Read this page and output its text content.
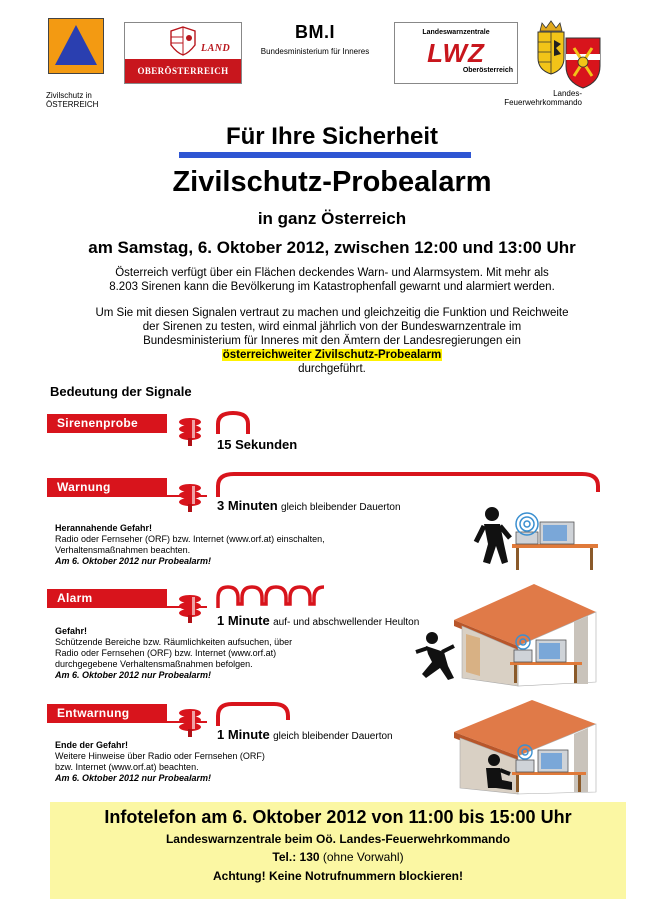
Zivilschutz in
ÖSTERREICH
LAND
OBERÖSTERREICH
BM.I
Bundesministerium für Inneres
Landeswarnzentrale
LWZ
Oberösterreich
Landes-
Feuerwehrkommando
Für Ihre Sicherheit
Zivilschutz-Probealarm
in ganz Österreich
am Samstag, 6. Oktober 2012, zwischen 12:00 und 13:00 Uhr
Österreich verfügt über ein Flächen deckendes Warn- und Alarmsystem. Mit mehr als
8.203 Sirenen kann die Bevölkerung im Katastrophenfall gewarnt und alarmiert werden.
Um Sie mit diesen Signalen vertraut zu machen und gleichzeitig die Funktion und Reichweite
der Sirenen zu testen, wird einmal jährlich von der Bundeswarnzentrale im
Bundesministerium für Inneres mit den Ämtern der Landesregierungen ein
österreichweiter Zivilschutz-Probealarm
durchgeführt.
Bedeutung der Signale
Sirenenprobe
15 Sekunden
Warnung
3 Minuten gleich bleibender Dauerton
Herannahende Gefahr!
Radio oder Fernseher (ORF) bzw. Internet (www.orf.at) einschalten,
Verhaltensmaßnahmen beachten.
Am 6. Oktober 2012 nur Probealarm!
Alarm
1 Minute auf- und abschwellender Heulton
Gefahr!
Schützende Bereiche bzw. Räumlichkeiten aufsuchen, über
Radio oder Fernsehen (ORF) bzw. Internet (www.orf.at)
durchgegebene Verhaltensmaßnahmen befolgen.
Am 6. Oktober 2012 nur Probealarm!
Entwarnung
1 Minute gleich bleibender Dauerton
Ende der Gefahr!
Weitere Hinweise über Radio oder Fernsehen (ORF)
bzw. Internet (www.orf.at) beachten.
Am 6. Oktober 2012 nur Probealarm!
Infotelefon am 6. Oktober 2012 von 11:00 bis 15:00 Uhr
Landeswarnzentrale beim Oö. Landes-Feuerwehrkommando
Tel.: 130 (ohne Vorwahl)
Achtung! Keine Notrufnummern blockieren!
